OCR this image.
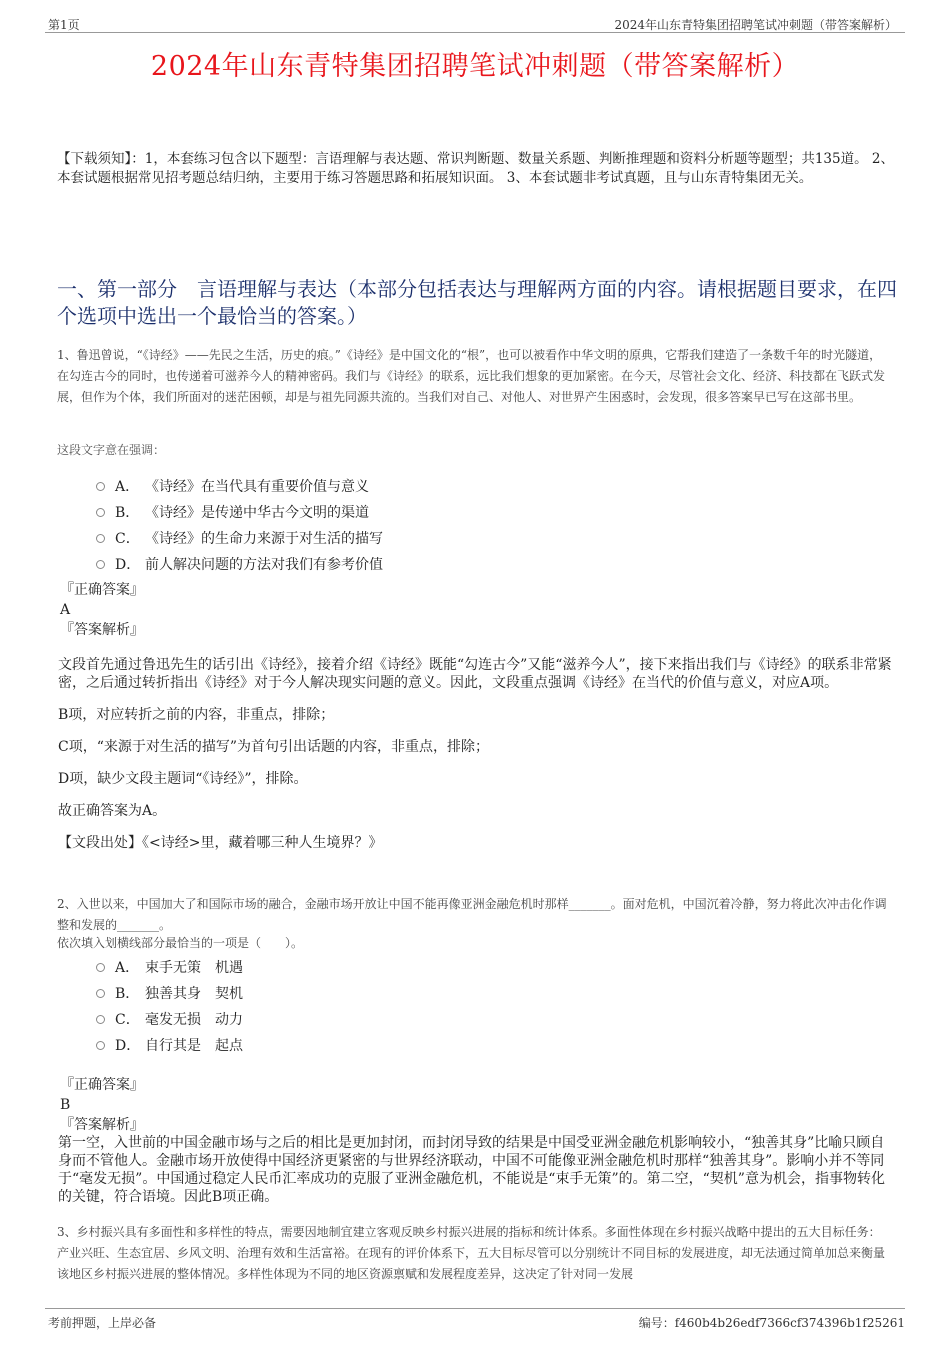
第1页	2024年山东青特集团招聘笔试冲刺题（带答案解析）
2024年山东青特集团招聘笔试冲刺题（带答案解析）
【下载须知】：1，本套练习包含以下题型：言语理解与表达题、常识判断题、数量关系题、判断推理题和资料分析题等题型；共135道。 2、本套试题根据常见招考题总结归纳，主要用于练习答题思路和拓展知识面。 3、本套试题非考试真题，且与山东青特集团无关。
一、第一部分　言语理解与表达（本部分包括表达与理解两方面的内容。请根据题目要求，在四个选项中选出一个最恰当的答案。）
1、鲁迅曾说，“《诗经》——先民之生活，历史的痕。”《诗经》是中国文化的“根”，也可以被看作中华文明的原典，它帮我们建造了一条数千年的时光隧道，在勾连古今的同时，也传递着可滋养今人的精神密码。我们与《诗经》的联系，远比我们想象的更加紧密。在今天，尽管社会文化、经济、科技都在飞跃式发展，但作为个体，我们所面对的迷茫困顿，却是与祖先同源共流的。当我们对自己、对他人、对世界产生困惑时，会发现，很多答案早已写在这部书里。
这段文字意在强调：
A． 《诗经》在当代具有重要价值与意义
B． 《诗经》是传递中华古今文明的渠道
C． 《诗经》的生命力来源于对生活的描写
D． 前人解决问题的方法对我们有参考价值
『正确答案』
A
『答案解析』

文段首先通过鲁迅先生的话引出《诗经》，接着介绍《诗经》既能“勾连古今”又能“滋养今人”，接下来指出我们与《诗经》的联系非常紧密，之后通过转折指出《诗经》对于今人解决现实问题的意义。因此，文段重点强调《诗经》在当代的价值与意义，对应A项。

B项，对应转折之前的内容，非重点，排除；

C项，“来源于对生活的描写”为首句引出话题的内容，非重点，排除；

D项，缺少文段主题词“《诗经》”，排除。

故正确答案为A。

【文段出处】《<诗经>里，藏着哪三种人生境界？》

2、入世以来，中国加大了和国际市场的融合，金融市场开放让中国不能再像亚洲金融危机时那样_______。面对危机，中国沉着冷静，努力将此次冲击化作调整和发展的_______。
依次填入划横线部分最恰当的一项是（　　）。
A． 束手无策　机遇
B． 独善其身　契机
C． 毫发无损　动力
D． 自行其是　起点
『正确答案』
B
『答案解析』
第一空，入世前的中国金融市场与之后的相比是更加封闭，而封闭导致的结果是中国受亚洲金融危机影响较小，“独善其身”比喻只顾自身而不管他人。金融市场开放使得中国经济更紧密的与世界经济联动，中国不可能像亚洲金融危机时那样“独善其身”。影响小并不等同于“毫发无损”。中国通过稳定人民币汇率成功的克服了亚洲金融危机，不能说是“束手无策”的。第二空，“契机”意为机会，指事物转化的关键，符合语境。因此B项正确。
3、乡村振兴具有多面性和多样性的特点，需要因地制宜建立客观反映乡村振兴进展的指标和统计体系。多面性体现在乡村振兴战略中提出的五大目标任务：产业兴旺、生态宜居、乡风文明、治理有效和生活富裕。在现有的评价体系下，五大目标尽管可以分别统计不同目标的发展进度，却无法通过简单加总来衡量该地区乡村振兴进展的整体情况。多样性体现为不同的地区资源禀赋和发展程度差异，这决定了针对同一发展
考前押题，上岸必备	编号：f460b4b26edf7366cf374396b1f25261
